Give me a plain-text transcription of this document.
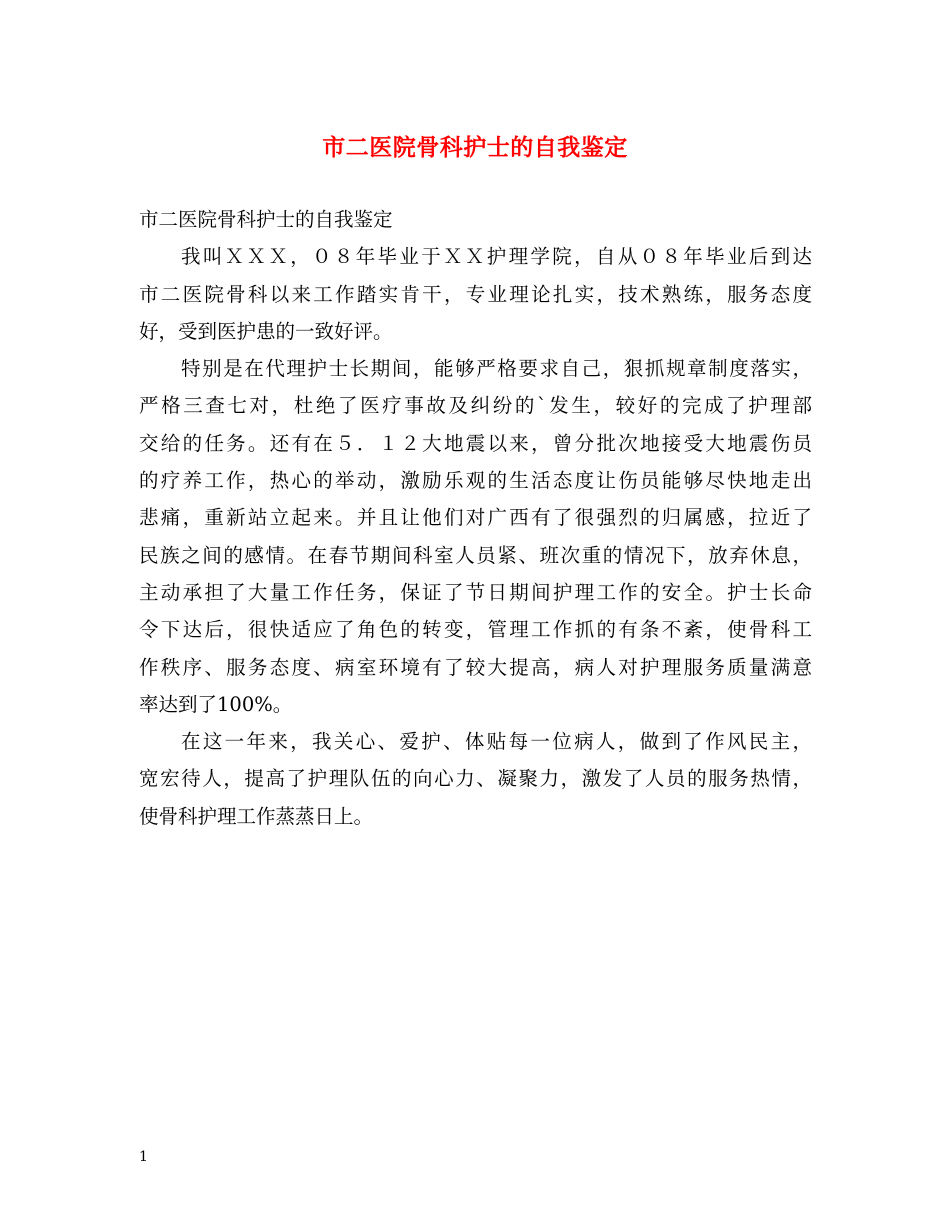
市二医院骨科护士的自我鉴定
市二医院骨科护士的自我鉴定
我叫ＸＸＸ，０８年毕业于ＸＸ护理学院，自从０８年毕业后到达
市二医院骨科以来工作踏实肯干，专业理论扎实，技术熟练，服务态度
好，受到医护患的一致好评。
特别是在代理护士长期间，能够严格要求自己，狠抓规章制度落实，
严格三查七对，杜绝了医疗事故及纠纷的`发生，较好的完成了护理部
交给的任务。还有在５．１２大地震以来，曾分批次地接受大地震伤员
的疗养工作，热心的举动，激励乐观的生活态度让伤员能够尽快地走出
悲痛，重新站立起来。并且让他们对广西有了很强烈的归属感，拉近了
民族之间的感情。在春节期间科室人员紧、班次重的情况下，放弃休息，
主动承担了大量工作任务，保证了节日期间护理工作的安全。护士长命
令下达后，很快适应了角色的转变，管理工作抓的有条不紊，使骨科工
作秩序、服务态度、病室环境有了较大提高，病人对护理服务质量满意
率达到了100%。
在这一年来，我关心、爱护、体贴每一位病人，做到了作风民主，
宽宏待人，提高了护理队伍的向心力、凝聚力，激发了人员的服务热情，
使骨科护理工作蒸蒸日上。
1
